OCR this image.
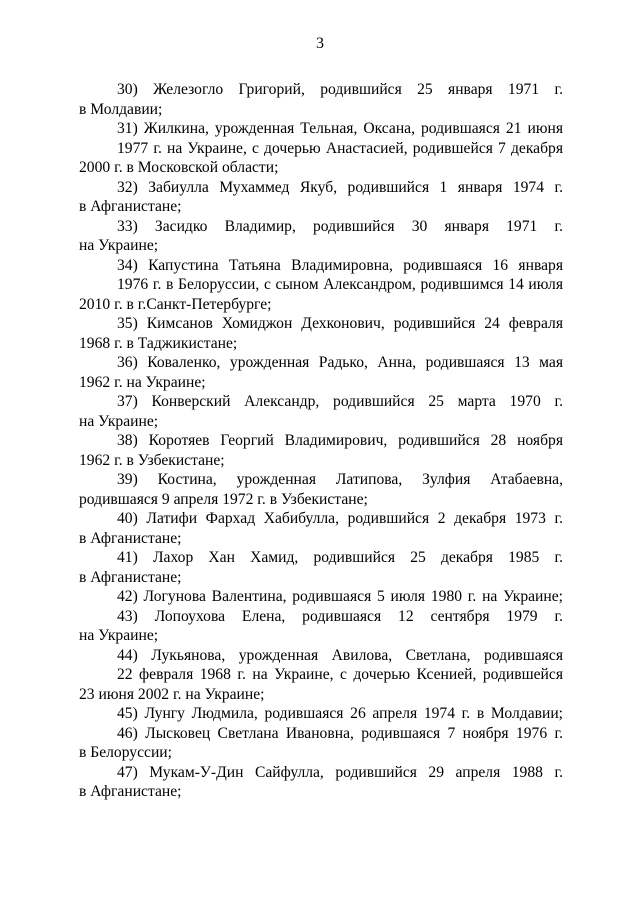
3
30) Железогло Григорий, родившийся 25 января 1971 г.
в Молдавии;
31) Жилкина, урожденная Тельная, Оксана, родившаяся 21 июня
1977 г. на Украине, с дочерью Анастасией, родившейся 7 декабря
2000 г. в Московской области;
32) Забиулла Мухаммед Якуб, родившийся 1 января 1974 г.
в Афганистане;
33) Засидко Владимир, родившийся 30 января 1971 г.
на Украине;
34) Капустина Татьяна Владимировна, родившаяся 16 января
1976 г. в Белоруссии, с сыном Александром, родившимся 14 июля
2010 г. в г.Санкт-Петербурге;
35) Кимсанов Хомиджон Дехконович, родившийся 24 февраля
1968 г. в Таджикистане;
36) Коваленко, урожденная Радько, Анна, родившаяся 13 мая
1962 г. на Украине;
37) Конверский Александр, родившийся 25 марта 1970 г.
на Украине;
38) Коротяев Георгий Владимирович, родившийся 28 ноября
1962 г. в Узбекистане;
39) Костина, урожденная Латипова, Зулфия Атабаевна,
родившаяся 9 апреля 1972 г. в Узбекистане;
40) Латифи Фархад Хабибулла, родившийся 2 декабря 1973 г.
в Афганистане;
41) Лахор Хан Хамид, родившийся 25 декабря 1985 г.
в Афганистане;
42) Логунова Валентина, родившаяся 5 июля 1980 г. на Украине;
43) Лопоухова Елена, родившаяся 12 сентября 1979 г.
на Украине;
44) Лукьянова, урожденная Авилова, Светлана, родившаяся
22 февраля 1968 г. на Украине, с дочерью Ксенией, родившейся
23 июня 2002 г. на Украине;
45) Лунгу Людмила, родившаяся 26 апреля 1974 г. в Молдавии;
46) Лысковец Светлана Ивановна, родившаяся 7 ноября 1976 г.
в Белоруссии;
47) Мукам-У-Дин Сайфулла, родившийся 29 апреля 1988 г.
в Афганистане;
